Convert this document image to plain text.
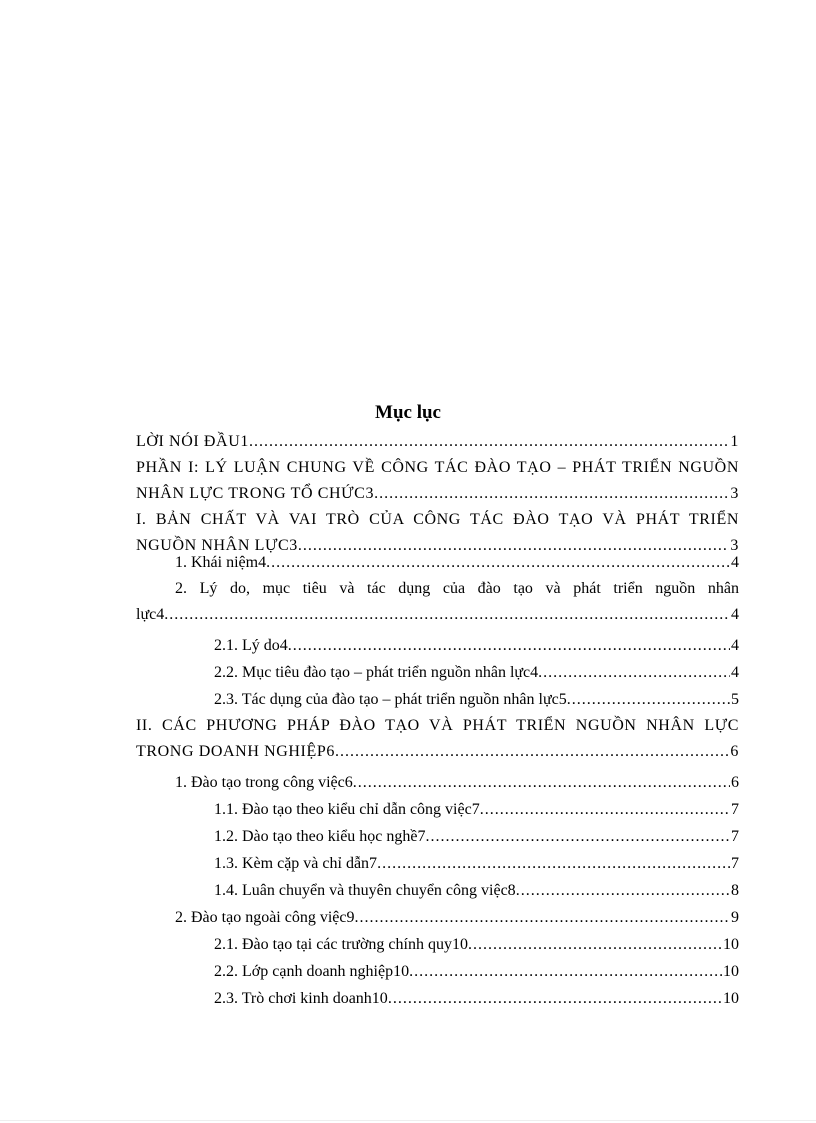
Mục lục
LỜI NÓI ĐẦU1 .....	1
PHẦN I: LÝ LUẬN CHUNG VỀ CÔNG TÁC ĐÀO TẠO – PHÁT TRIỂN NGUỒN
NHÂN LỰC TRONG TỔ CHỨC3 .....	3
I. BẢN CHẤT VÀ VAI TRÒ CỦA CÔNG TÁC ĐÀO TẠO VÀ PHÁT TRIỂN
NGUỒN NHÂN LỰC3 .....	3
1. Khái niệm4 .....	4
2. Lý do, mục tiêu và tác dụng của đào tạo và phát triển nguồn nhân
lực4 .....	4
2.1. Lý do4 .....	4
2.2. Mục tiêu đào tạo – phát triển nguồn nhân lực4 .....	4
2.3. Tác dụng của đào tạo – phát triển nguồn nhân lực5 .....	5
II. CÁC PHƯƠNG PHÁP ĐÀO TẠO VÀ PHÁT TRIỂN NGUỒN NHÂN LỰC
TRONG DOANH NGHIỆP6 .....	6
1. Đào tạo trong công việc6 .....	6
1.1. Đào tạo theo kiểu chỉ dẫn công việc7 .....	7
1.2. Dào tạo theo kiểu học nghề7 .....	7
1.3. Kèm cặp và chỉ dẫn7 .....	7
1.4. Luân chuyển và thuyên chuyển công việc8 .....	8
2. Đào tạo ngoài công việc9 .....	9
2.1. Đào tạo tại các trường chính quy10 .....	10
2.2. Lớp cạnh doanh nghiệp10 .....	10
2.3. Trò chơi kinh doanh10 .....	10
